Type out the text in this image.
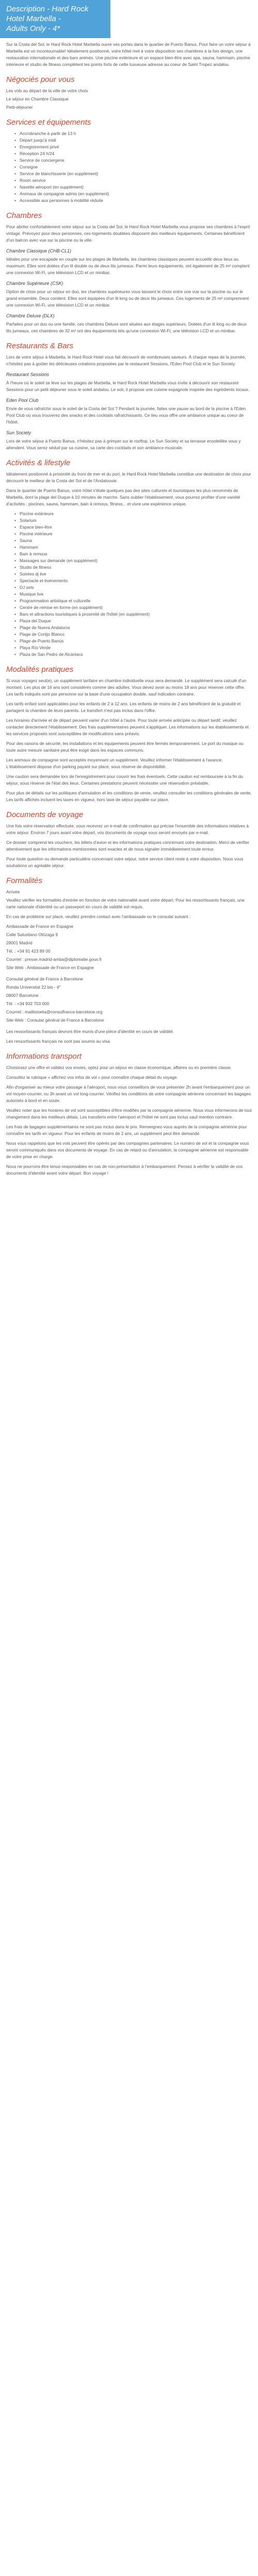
Description - Hard Rock Hotel Marbella -
Adults Only - 4*

Sur la Costa del Sol, le Hard Rock Hotel Marbella ouvre ses portes dans le quartier de Puerto Banus. Pour faire un votre séjour à Marbella est un incontournable! Idéalement positionné, votre hôtel met à votre disposition ses chambres à la fois design, une restauration internationale et des bars animés. Une piscine extérieure et un espace bien-être avec spa, sauna, hammam, piscine intérieure et studio de fitness complètent les points forts de cette luxueuse adresse au coeur de Saint Tropez andalou.

Négociés pour vous
Les vols au départ de la ville de votre choix
Le séjour en Chambre Classique
Petit-déjeuner
Services et équipements
• Accrobranche à partir de 13 h
• Départ jusqu'à midi
• Enregistrement privé
• Réception 24 h/24
• Service de conciergerie
• Consigne
• Service de blanchisserie (en supplément)
• Room service
• Navette aéroport (en supplément)
• Animaux de compagnie admis (en supplément)
• Accessible aux personnes à mobilité réduite
Chambres

Pour abriter confortablement votre séjour sur la Costa del Sol, le Hard Rock Hotel Marbella vous propose ses chambres à l'esprit vintage. Prévoyez pour deux personnes, ces logements doublées disposent des meilleurs équipements. Certaines bénéficient d'un balcon avec vue sur la piscine ou la ville.

Chambre Classique (CHB-CL1)

Idéales pour une escapade en couple sur les plages de Marbella, les chambres classiques peuvent accueillir deux lieux au maximum. Elles sont dotées d'un lit double ou de deux lits jumeaux. Parmi leurs équipements, ont également de 25 m² comptent une connexion Wi-Fi, une télévision LCD et un minibar.

Chambre Supérieure (CSK)

Option de choix pour un séjour en duo, les chambres supérieures vous laissent le choix entre une vue sur la piscine ou sur le grand ensemble. Deux contient. Elles sont équipées d'un lit king ou de deux lits jumeaux. Ces logements de 25 m² comprennent une connexion Wi-Fi, une télévision LCD et un minibar.

Chambre Deluxe (DLX)

Parfaites pour un duo ou une famille, ces chambres Deluxe sont situées aux étages supérieurs. Dotées d'un lit king ou de deux lits jumeaux, ces chambres de 32 m² ont des équipements tels qu'une connexion Wi-Fi, une télévision LCD et un minibar.

Restaurants & Bars

Lors de votre séjour à Marbella, le Hard Rock Hotel vous fait découvrir de nombreuses saveurs. À chaque repas de la journée, n'hésitez pas à goûter les délicieuses créations proposées par le restaurant Sessions, l'Eden Pool Club et le Sun Society.

Restaurant Sessions

À l'heure où le soleil se lève sur les plages de Marbella, le Hard Rock Hotel Marbella vous invite à découvrir son restaurant Sessions pour un petit déjeuner sous le soleil andalou. Le soir, il propose une cuisine espagnole inspirée des ingrédients locaux.

Eden Pool Club

Envie de vous rafraîchir sous le soleil de la Costa del Sol ? Pendant la journée, faites une pause au bord de la piscine à l'Eden Pool Club où vous trouverez des snacks et des cocktails rafraîchissants. Ce lieu vous offre une ambiance unique au coeur de l'hôtel.

Sun Society

Lors de votre séjour à Puerto Banus, n'hésitez pas à grimper sur le rooftop. Le Sun Society et sa terrasse ensoleillée vous y attendent. Vous serez séduit par sa cuisine, sa carte des cocktails et son ambiance musicale.

Activités & lifestyle

Idéalement positionné à proximité du front de mer et du port, le Hard Rock Hotel Marbella constitue une destination de choix pour découvrir le meilleur de la Costa del Sol et de l'Andalousie.

Dans le quartier de Puerto Banus, votre hôtel s'étale quelques pas des sites culturels et touristiques les plus renommés de Marbella, dont la plage del Duque à 10 minutes de marche. Sans oublier l'établissement, vous pourrez profiter d'une variété d'activités : piscines, sauna, hammam, bain à remous, fitness... et vivre une expérience unique.

• Piscine extérieure
• Solarium
• Espace bien-être
• Piscine intérieure
• Sauna
• Hammam
• Bain à remous
• Massages sur demande (en supplément)
• Studio de fitness
• Soirées dj live
• Spectacle et événements
• DJ sets
• Musique live
• Programmation artistique et culturelle
• Centre de remise en forme (en supplément)
• Bars et attractions touristiques à proximité de l'hôtel (en supplément)
• Plaza del Duque
• Plage de Nueva Andalucia
• Plage de Cortijo Blanco
• Plage de Puerto Banús
• Playa Río Verde
• Plaza de San Pedro de Alcántara
Modalités pratiques

Si vous voyagez seul(e), un supplément tarifaire en chambre individuelle vous sera demandé. Le supplément sera calculé d'un montant. Les plus de 16 ans sont considérés comme des adultes. Vous devez avoir au moins 18 ans pour réserver cette offre. Les tarifs indiqués sont par personne sur la base d'une occupation double, sauf indication contraire.

Les tarifs enfant sont applicables pour les enfants de 2 à 12 ans. Les enfants de moins de 2 ans bénéficient de la gratuité et partagent la chambre de leurs parents. Le transfert n'est pas inclus dans l'offre.

Les horaires d'arrivée et de départ peuvent varier d'un hôtel à l'autre. Pour toute arrivée anticipée ou départ tardif, veuillez contacter directement l'établissement. Des frais supplémentaires peuvent s'appliquer. Les informations sur les établissements et les services proposés sont susceptibles de modifications sans préavis.

Pour des raisons de sécurité, les installations et les équipements peuvent être fermés temporairement. Le port du masque ou toute autre mesure sanitaire peut être exigé dans les espaces communs.

Les animaux de compagnie sont acceptés moyennant un supplément. Veuillez informer l'établissement à l'avance. L'établissement dispose d'un parking payant sur place, sous réserve de disponibilité.

Une caution sera demandée lors de l'enregistrement pour couvrir les frais éventuels. Cette caution est remboursée à la fin du séjour, sous réserve de l'état des lieux. Certaines prestations peuvent nécessiter une réservation préalable.

Pour plus de détails sur les politiques d'annulation et les conditions de vente, veuillez consulter les conditions générales de vente. Les tarifs affichés incluent les taxes en vigueur, hors taxe de séjour payable sur place.

Documents de voyage

Une fois votre réservation effectuée, vous recevrez un e-mail de confirmation qui précise l'ensemble des informations relatives à votre séjour. Environ 7 jours avant votre départ, vos documents de voyage vous seront envoyés par e-mail.

Ce dossier comprend les vouchers, les billets d'avion et les informations pratiques concernant votre destination. Merci de vérifier attentivement que les informations mentionnées sont exactes et de nous signaler immédiatement toute erreur.

Pour toute question ou demande particulière concernant votre séjour, notre service client reste à votre disposition. Nous vous souhaitons un agréable séjour.

Formalités
Arrivée

Veuillez vérifier les formalités d'entrée en fonction de votre nationalité avant votre départ. Pour les ressortissants français, une carte nationale d'identité ou un passeport en cours de validité est requis.

En cas de problème sur place, veuillez prendre contact avec l'ambassade ou le consulat suivant :

Ambassade de France en Espagne
Calle Salustiano Olózaga 9
28001 Madrid
Tél. : +34 91 423 89 00
Courriel : presse.madrid-amba@diplomatie.gouv.fr
Site Web : Ambassade de France en Espagne
Consulat général de France à Barcelone
Ronda Universitat 22 bis - 4°
08007 Barcelone
Tél. : +34 932 703 000
Courriel : malilistoeta@consulfrance-barcelone.org
Site Web : Consulat général de France à Barcelone

Les ressortissants français devront être munis d'une pièce d'identité en cours de validité.

Les ressortissants français ne sont pas soumis au visa.

Informations transport

Choisissez une offre et validez vos envies, optez pour un séjour en classe économique, affaires ou en première classe.

Consultez la rubrique « affichez vos infos de vol » pour connaître chaque détail du voyage.

Afin d'organiser au mieux votre passage à l'aéroport, nous vous conseillons de vous présenter 2h avant l'embarquement pour un vol moyen-courrier, ou 3h avant un vol long-courrier. Vérifiez les conditions de votre compagnie aérienne concernant les bagages autorisés à bord et en soute.

Veuillez noter que les horaires de vol sont susceptibles d'être modifiés par la compagnie aérienne. Nous vous informerons de tout changement dans les meilleurs délais. Les transferts entre l'aéroport et l'hôtel ne sont pas inclus sauf mention contraire.

Les frais de bagages supplémentaires ne sont pas inclus dans le prix. Renseignez-vous auprès de la compagnie aérienne pour connaître les tarifs en vigueur. Pour les enfants de moins de 2 ans, un supplément peut être demandé.

Nous vous rappelons que les vols peuvent être opérés par des compagnies partenaires. Le numéro de vol et la compagnie vous seront communiqués dans vos documents de voyage. En cas de retard ou d'annulation, la compagnie aérienne est responsable de votre prise en charge.

Nous ne pourrons être tenus responsables en cas de non-présentation à l'embarquement. Pensez à vérifier la validité de vos documents d'identité avant votre départ. Bon voyage !
